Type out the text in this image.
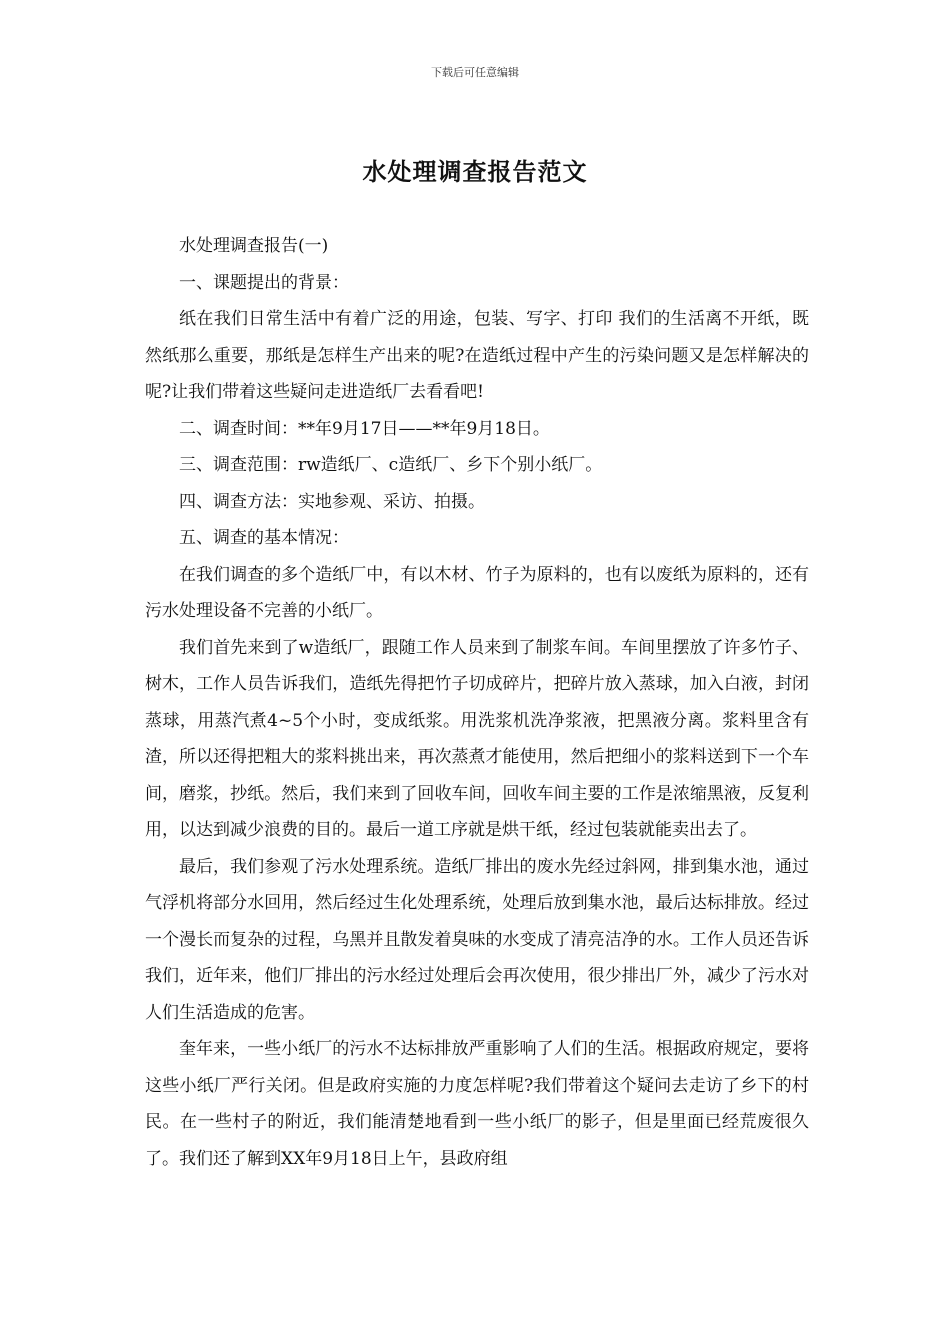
下载后可任意编辑
水处理调查报告范文

水处理调查报告(一)

一、课题提出的背景：

纸在我们日常生活中有着广泛的用途，包装、写字、打印 我们的生活离不开纸，既然纸那么重要，那纸是怎样生产出来的呢?在造纸过程中产生的污染问题又是怎样解决的呢?让我们带着这些疑问走进造纸厂去看看吧!

二、调查时间：**年9月17日——**年9月18日。

三、调查范围：rw造纸厂、c造纸厂、乡下个别小纸厂。

四、调查方法：实地参观、采访、拍摄。

五、调查的基本情况：

在我们调查的多个造纸厂中，有以木材、竹子为原料的，也有以废纸为原料的，还有污水处理设备不完善的小纸厂。

我们首先来到了w造纸厂，跟随工作人员来到了制浆车间。车间里摆放了许多竹子、树木，工作人员告诉我们，造纸先得把竹子切成碎片，把碎片放入蒸球，加入白液，封闭蒸球，用蒸汽煮4~5个小时，变成纸浆。用洗浆机洗净浆液，把黑液分离。浆料里含有渣，所以还得把粗大的浆料挑出来，再次蒸煮才能使用，然后把细小的浆料送到下一个车间，磨浆，抄纸。然后，我们来到了回收车间，回收车间主要的工作是浓缩黑液，反复利用，以达到减少浪费的目的。最后一道工序就是烘干纸，经过包装就能卖出去了。

最后，我们参观了污水处理系统。造纸厂排出的废水先经过斜网，排到集水池，通过气浮机将部分水回用，然后经过生化处理系统，处理后放到集水池，最后达标排放。经过一个漫长而复杂的过程，乌黑并且散发着臭味的水变成了清亮洁净的水。工作人员还告诉我们，近年来，他们厂排出的污水经过处理后会再次使用，很少排出厂外，减少了污水对人们生活造成的危害。

奎年来，一些小纸厂的污水不达标排放严重影响了人们的生活。根据政府规定，要将这些小纸厂严行关闭。但是政府实施的力度怎样呢?我们带着这个疑问去走访了乡下的村民。在一些村子的附近，我们能清楚地看到一些小纸厂的影子，但是里面已经荒废很久了。我们还了解到XX年9月18日上午，县政府组
